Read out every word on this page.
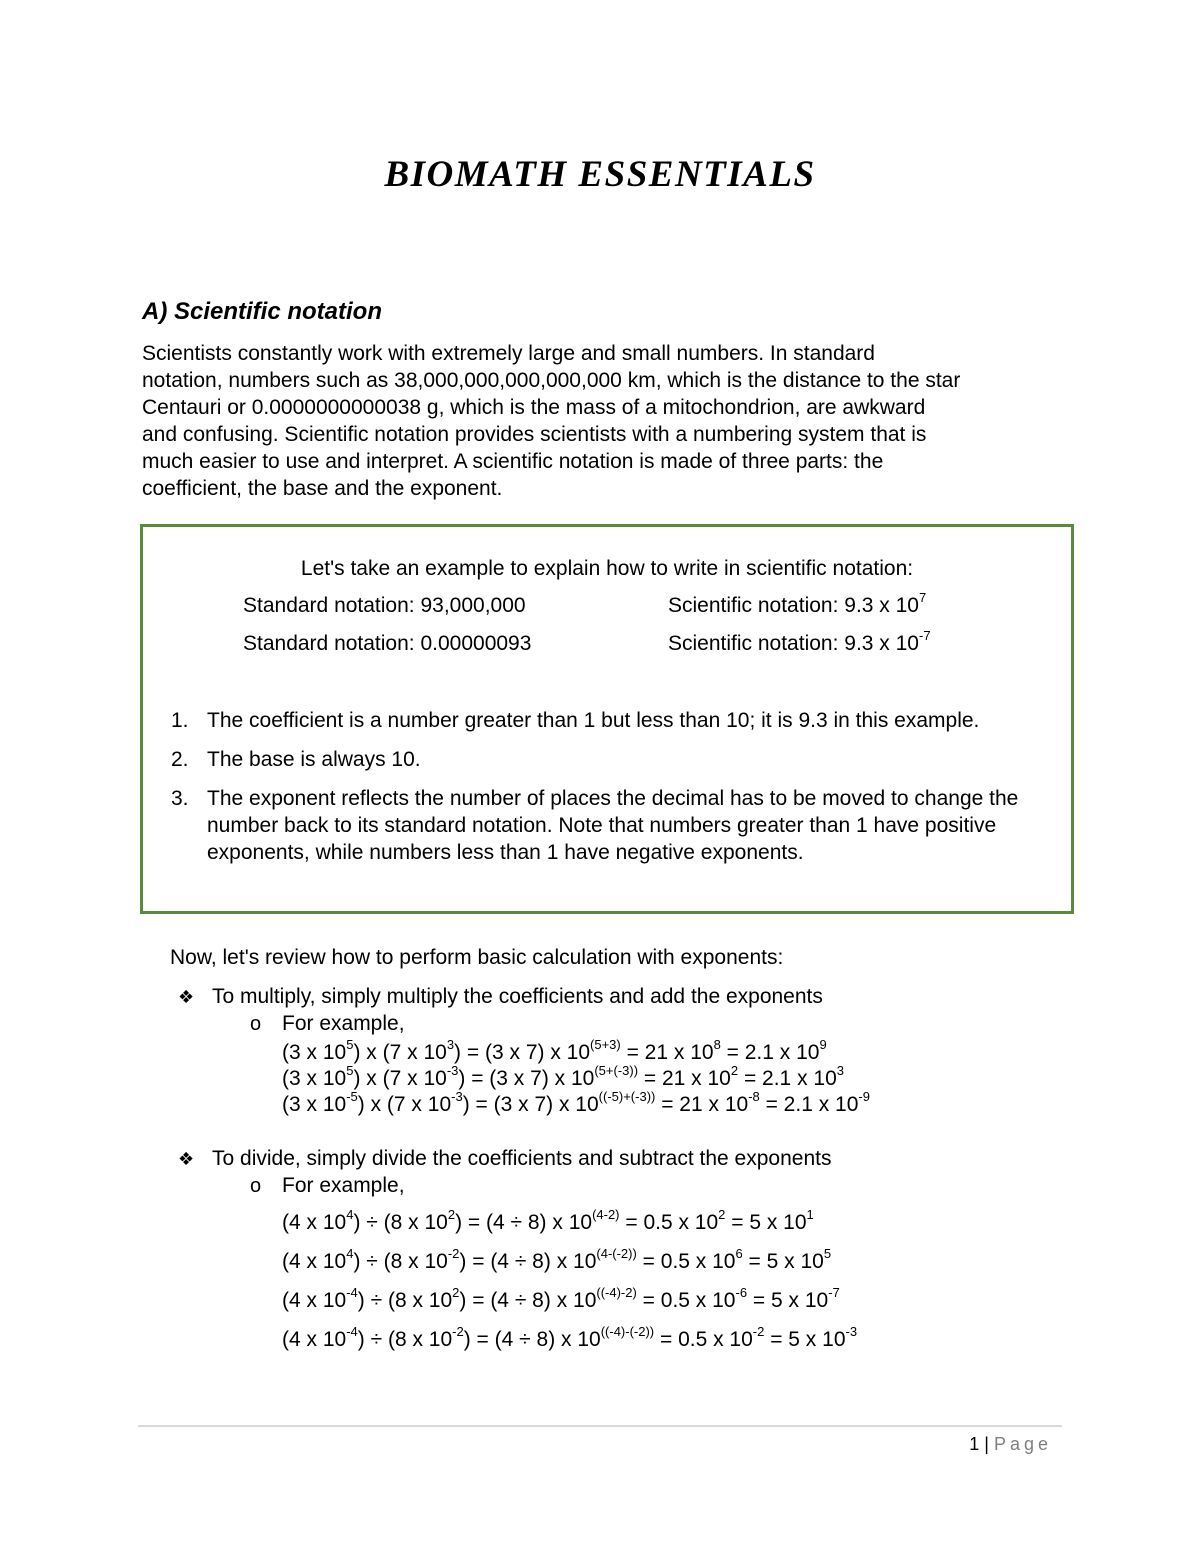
BIOMATH ESSENTIALS
A) Scientific notation

Scientists constantly work with extremely large and small numbers. In standard
notation, numbers such as 38,000,000,000,000,000 km, which is the distance to the star
Centauri or 0.0000000000038 g, which is the mass of a mitochondrion, are awkward
and confusing. Scientific notation provides scientists with a numbering system that is
much easier to use and interpret. A scientific notation is made of three parts: the
coefficient, the base and the exponent.

Let's take an example to explain how to write in scientific notation:

Standard notation: 93,000,000	Scientific notation: 9.3 x $10^7$
Standard notation: 0.00000093	Scientific notation: 9.3 x $10^{-7}$
1. The coefficient is a number greater than 1 but less than 10; it is 9.3 in this example.
2. The base is always 10.
3. The exponent reflects the number of places the decimal has to be moved to change the number back to its standard notation. Note that numbers greater than 1 have positive exponents, while numbers less than 1 have negative exponents.

Now, let's review how to perform basic calculation with exponents:

❖ To multiply, simply multiply the coefficients and add the exponents
o For example,
(3 x $10^5$) x (7 x $10^3) = (3$ x 7) x $10^{(5+3)} = 21$ x $10^8 = 2.1$ x $10^9$
(3 x $10^5$) x (7 x $10^{-3}) = (3$ x 7) x $10^{(5+(-3))} = 21$ x $10^2 = 2.1$ x $10^3$
(3 x $10^{-5}$) x (7 x $10^{-3}) = (3$ x 7) x $10^{((-5)+(-3))} = 21$ x $10^{-8} = 2.1$ x $10^{-9}$
❖ To divide, simply divide the coefficients and subtract the exponents
o For example,
(4 x $10^4) \div (8$ x $10^2) = (4 \div 8)$ x $10^{(4-2)} = 0.5$ x $10^2 = 5$ x $10^1$
(4 x $10^4) \div (8$ x $10^{-2}) = (4 \div 8)$ x $10^{(4-(-2))} = 0.5$ x $10^6 = 5$ x $10^5$
(4 x $10^{-4}) \div (8$ x $10^2) = (4 \div 8)$ x $10^{((-4)-2)} = 0.5$ x $10^{-6} = 5$ x $10^{-7}$
(4 x $10^{-4}) \div (8$ x $10^{-2}) = (4 \div 8)$ x $10^{((-4)-(-2))} = 0.5$ x $10^{-2} = 5$ x $10^{-3}$
1 | Page
